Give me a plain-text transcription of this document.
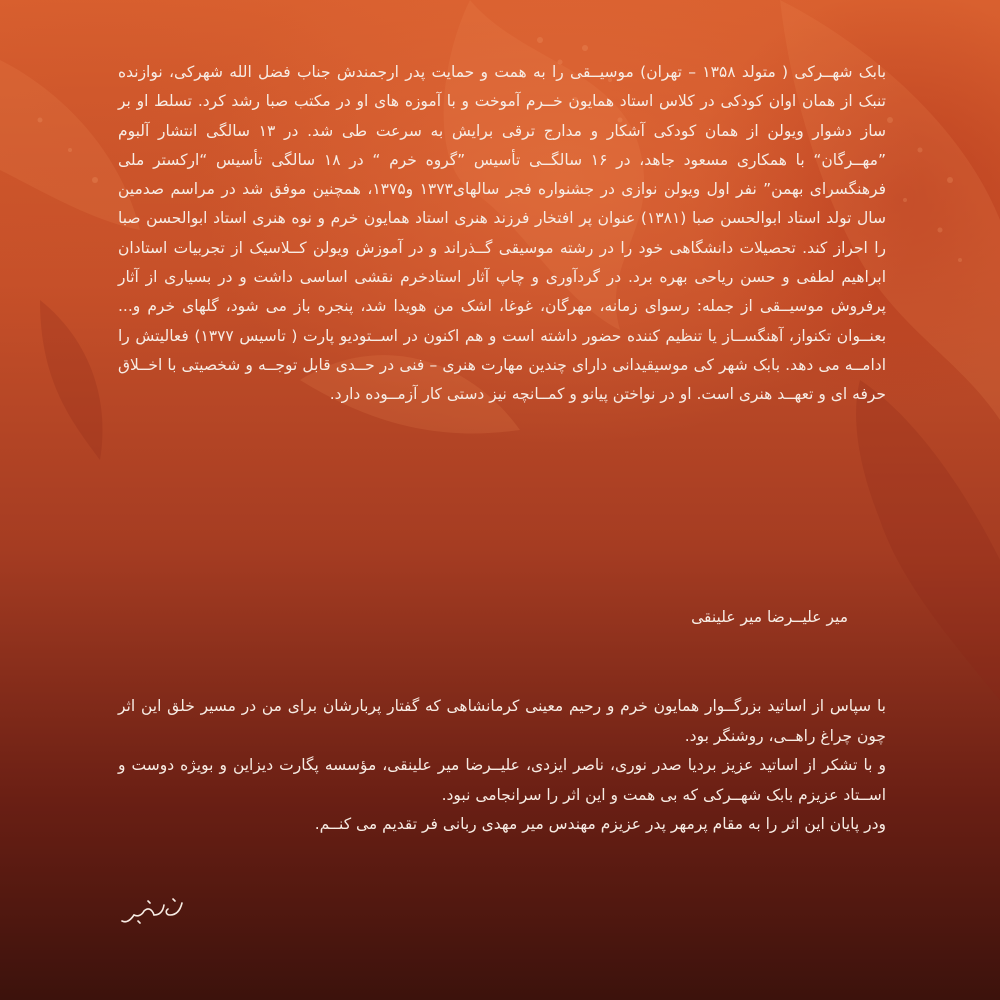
بابک شهــرکی ( متولد ۱۳۵۸ – تهران) موسیــقی را به همت و حمایت پدر ارجمندش جناب فضل الله شهرکی، نوازنده تنبک از همان اوان کودکی در کلاس استاد همایون خــرم آموخت و با آموزه های او در مکتب صبا رشد کرد. تسلط او بر ساز دشوار ویولن از همان کودکی آشکار و مدارج ترقی برایش به سرعت طی شد. در ۱۳ سالگی انتشار آلبوم ”مهــرگان“ با همکاری مسعود جاهد، در ۱۶ سالگــی تأسیس ”گروه خرم “ در ۱۸ سالگی تأسیس “ارکستر ملی فرهنگسرای بهمن” نفر اول ویولن نوازی در جشنواره فجر سالهای۱۳۷۳ و۱۳۷۵، همچنین موفق شد در مراسم صدمین سال تولد استاد ابوالحسن صبا (۱۳۸۱) عنوان پر افتخار فرزند هنری استاد همایون خرم و نوه هنری استاد ابوالحسن صبا را احراز کند. تحصیلات دانشگاهی خود را در رشته موسیقی گــذراند و در آموزش ویولن کــلاسیک از تجربیات استادان ابراهیم لطفی و حسن ریاحی بهره برد. در گردآوری و چاپ آثار استادخرم نقشی اساسی داشت و در بسیاری از آثار پرفروش موسیــقی از جمله: رسوای زمانه، مهرگان، غوغا، اشک من هویدا شد، پنجره باز می شود، گلهای خرم و... بعنــوان تکنواز، آهنگســاز یا تنظیم کننده حضور داشته است و هم اکنون در اســتودیو پارت ( تاسیس ۱۳۷۷) فعالیتش را ادامــه می دهد. بابک شهر کی موسیقیدانی دارای چندین مهارت هنری – فنی در حــدی قابل توجــه و شخصیتی با اخــلاق حرفه ای و تعهــد هنری است. او در نواختن پیانو و کمــانچه نیز دستی کار آزمــوده دارد.

میر علیــرضا میر علینقی

با سپاس از اساتید بزرگــوار همایون خرم و رحیم معینی کرمانشاهی که گفتار پربارشان برای من در مسیر خلق این اثر چون چراغ راهــی، روشنگر بود.

و با تشکر از اساتید عزیز بردیا صدر نوری، ناصر ایزدی، علیــرضا میر علینقی، مؤسسه پگارت دیزاین و بویژه دوست و اســتاد عزیزم بابک شهــرکی که بی همت و این اثر را سرانجامی نبود.

ودر پایان این اثر را به مقام پرمهر پدر عزیزم مهندس میر مهدی ربانی فر تقدیم می کنــم.
